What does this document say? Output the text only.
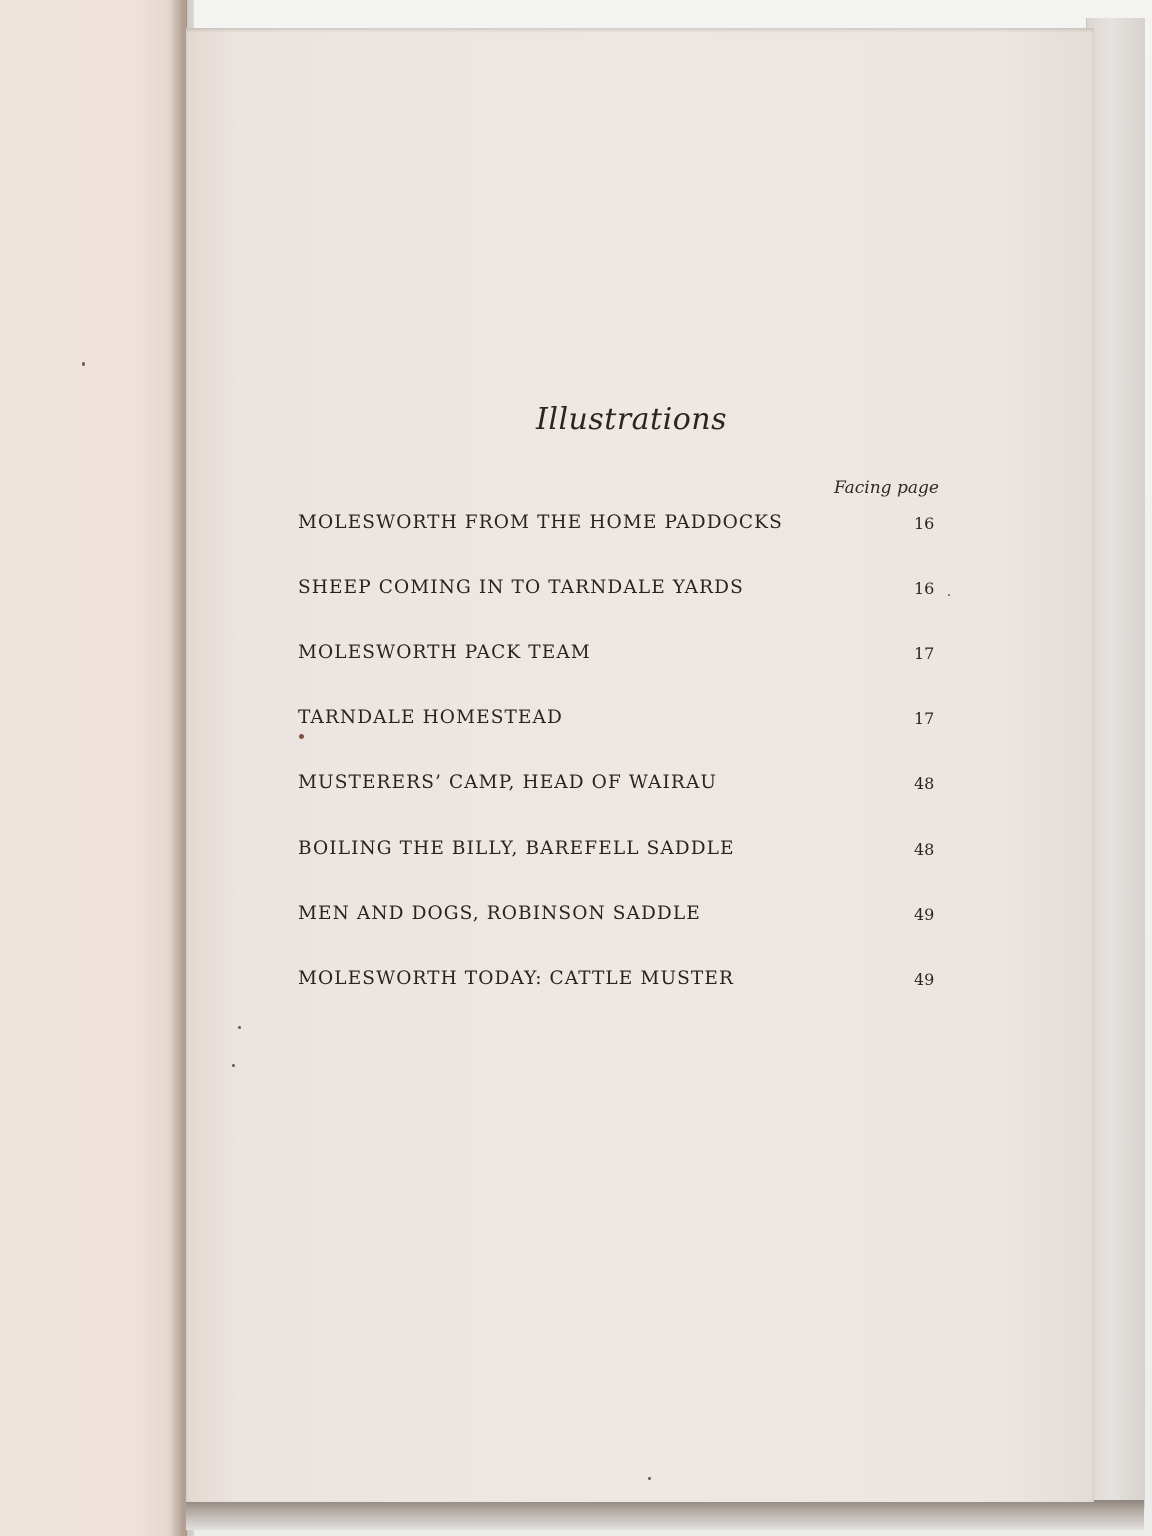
Illustrations
Facing page
MOLESWORTH FROM THE HOME PADDOCKS	16
SHEEP COMING IN TO TARNDALE YARDS	16
MOLESWORTH PACK TEAM	17
TARNDALE HOMESTEAD	17
MUSTERERS’ CAMP, HEAD OF WAIRAU	48
BOILING THE BILLY, BAREFELL SADDLE	48
MEN AND DOGS, ROBINSON SADDLE	49
MOLESWORTH TODAY: CATTLE MUSTER	49
